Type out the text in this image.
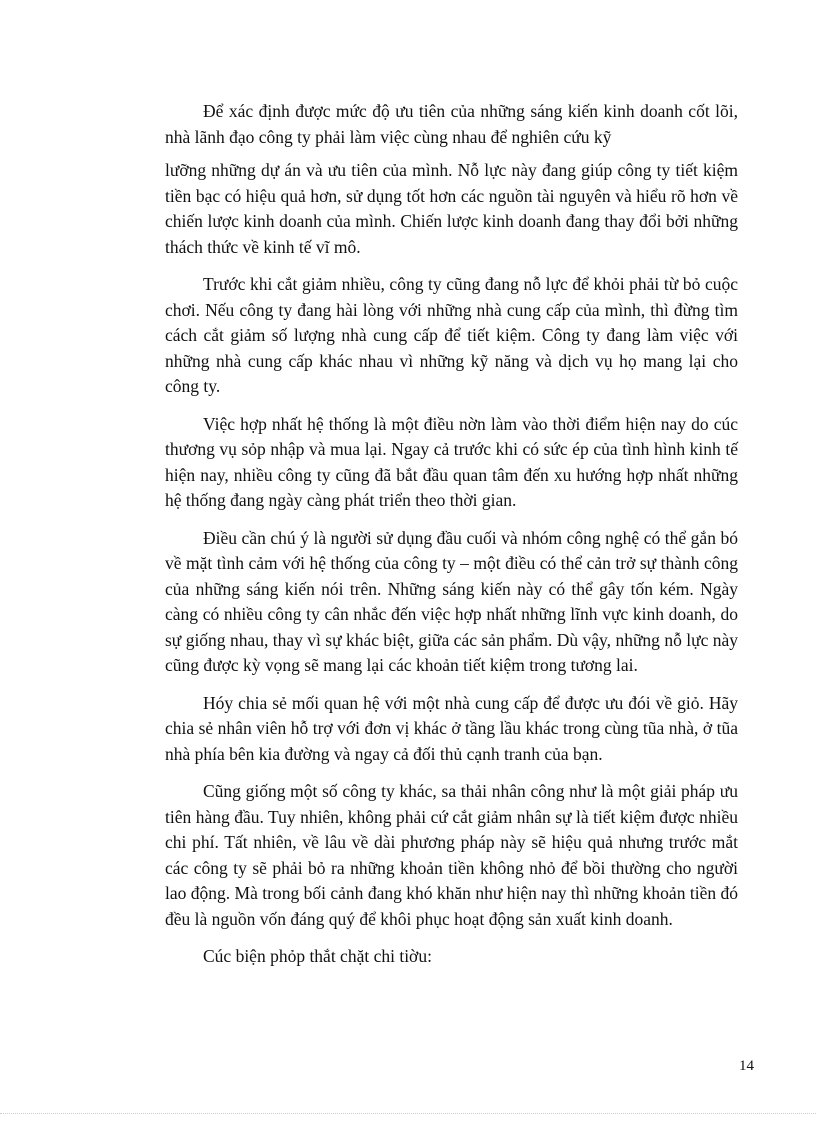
Để xác định được mức độ ưu tiên của những sáng kiến kinh doanh cốt lõi, nhà lãnh đạo công ty phải làm việc cùng nhau để nghiên cứu kỹ

lưỡng những dự án và ưu tiên của mình. Nỗ lực này đang giúp công ty tiết kiệm tiền bạc có hiệu quả hơn, sử dụng tốt hơn các nguồn tài nguyên và hiểu rõ hơn về chiến lược kinh doanh của mình. Chiến lược kinh doanh đang thay đổi bởi những thách thức về kinh tế vĩ mô.

Trước khi cắt giảm nhiều, công ty cũng đang nỗ lực để khỏi phải từ bỏ cuộc chơi. Nếu công ty đang hài lòng với những nhà cung cấp của mình, thì đừng tìm cách cắt giảm số lượng nhà cung cấp để tiết kiệm. Công ty đang làm việc với những nhà cung cấp khác nhau vì những kỹ năng và dịch vụ họ mang lại cho công ty.

Việc hợp nhất hệ thống là một điều nờn làm vào thời điểm hiện nay do cúc thương vụ sỏp nhập và mua lại. Ngay cả trước khi có sức ép của tình hình kinh tế hiện nay, nhiều công ty cũng đã bắt đầu quan tâm đến xu hướng hợp nhất những hệ thống đang ngày càng phát triển theo thời gian.

Điều cần chú ý là người sử dụng đầu cuối và nhóm công nghệ có thể gắn bó về mặt tình cảm với hệ thống của công ty – một điều có thể cản trở sự thành công của những sáng kiến nói trên. Những sáng kiến này có thể gây tốn kém. Ngày càng có nhiều công ty cân nhắc đến việc hợp nhất những lĩnh vực kinh doanh, do sự giống nhau, thay vì sự khác biệt, giữa các sản phẩm. Dù vậy, những nỗ lực này cũng được kỳ vọng sẽ mang lại các khoản tiết kiệm trong tương lai.

Hóy chia sẻ mối quan hệ với một nhà cung cấp để được ưu đói về giỏ. Hãy chia sẻ nhân viên hỗ trợ với đơn vị khác ở tầng lầu khác trong cùng tũa nhà, ở tũa nhà phía bên kia đường và ngay cả đối thủ cạnh tranh của bạn.

Cũng giống một số công ty khác, sa thải nhân công như là một giải pháp ưu tiên hàng đầu. Tuy nhiên, không phải cứ cắt giảm nhân sự là tiết kiệm được nhiều chi phí. Tất nhiên, về lâu về dài phương pháp này sẽ hiệu quả nhưng trước mắt các công ty sẽ phải bỏ ra những khoản tiền không nhỏ để bồi thường cho người lao động. Mà trong bối cảnh đang khó khăn như hiện nay thì những khoản tiền đó đều là nguồn vốn đáng quý để khôi phục hoạt động sản xuất kinh doanh.

Cúc biện phỏp thắt chặt chi tiờu:

14
